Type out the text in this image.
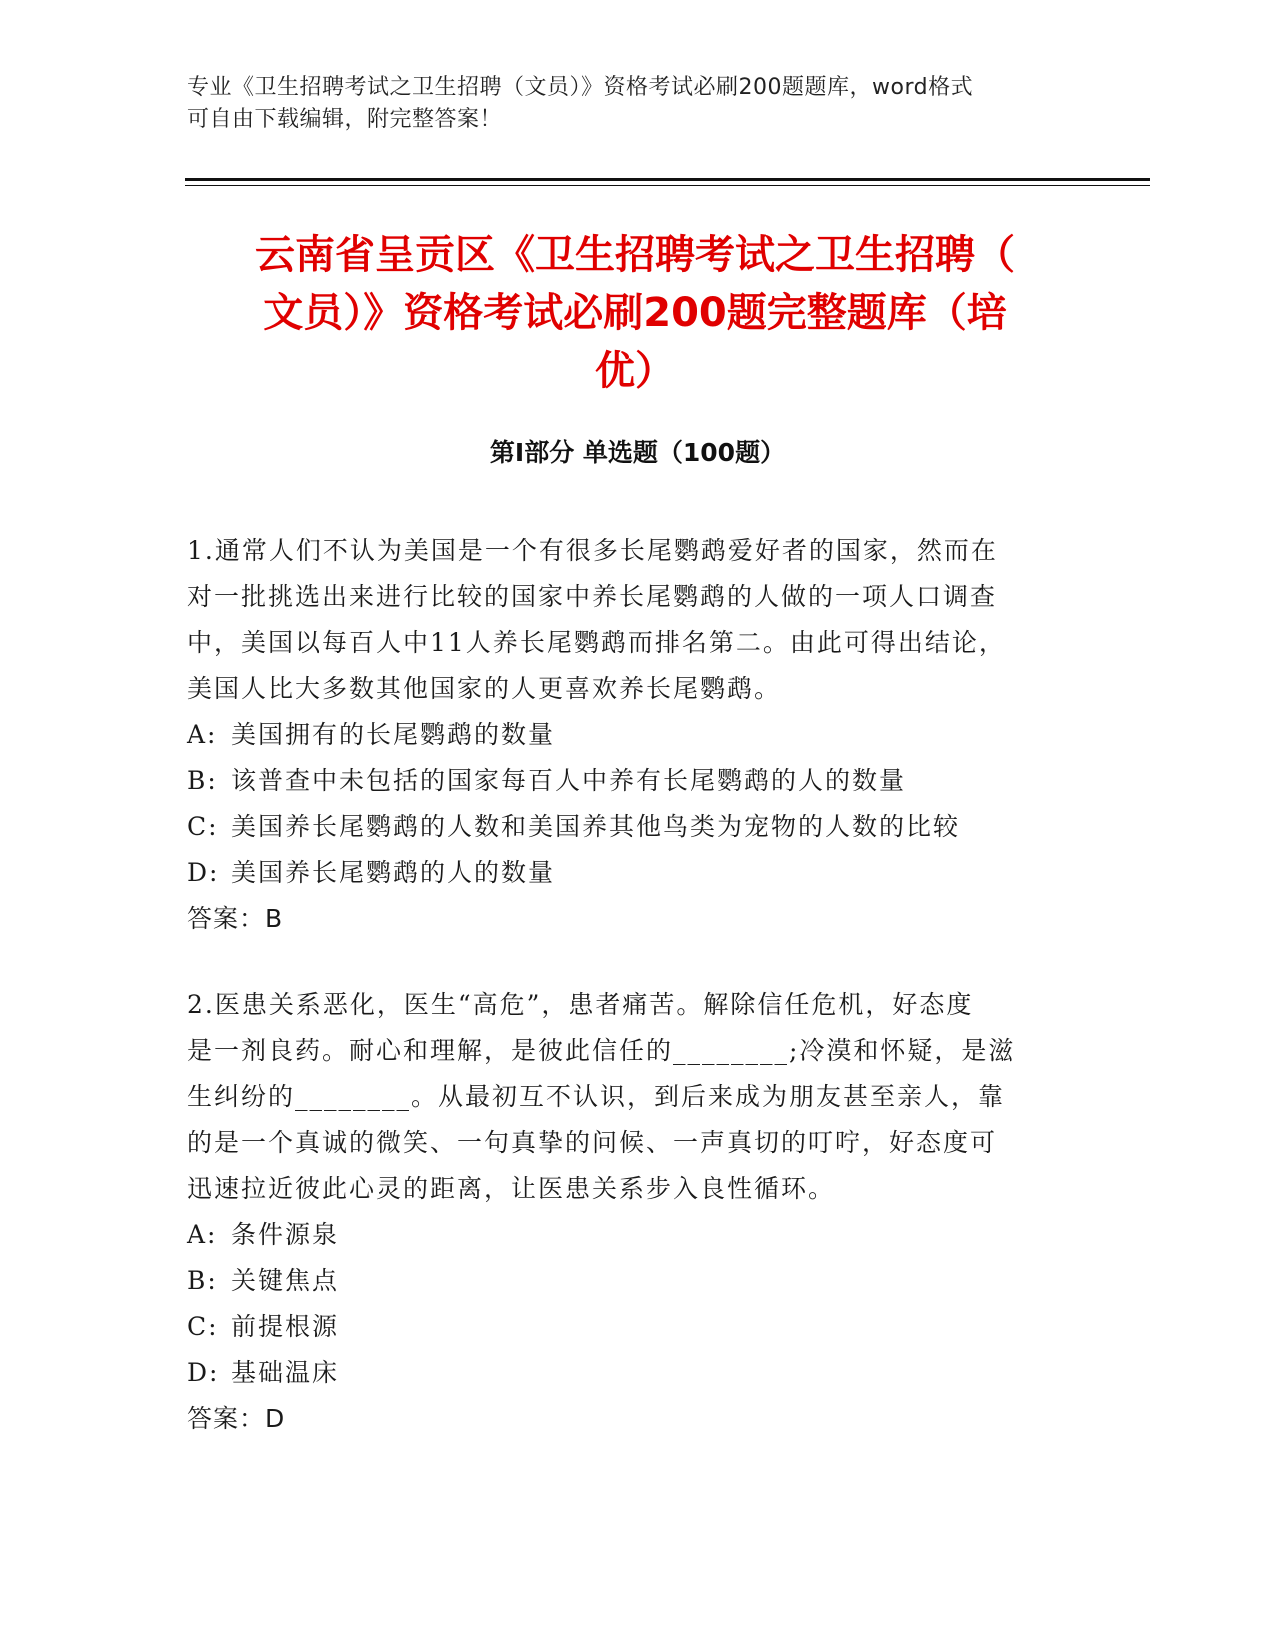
专业《卫生招聘考试之卫生招聘（文员）》资格考试必刷200题题库，word格式
可自由下载编辑，附完整答案！
云南省呈贡区《卫生招聘考试之卫生招聘（
文员）》资格考试必刷200题完整题库（培
优）
第Ⅰ部分 单选题（100题）
1.通常人们不认为美国是一个有很多长尾鹦鹉爱好者的国家，然而在
对一批挑选出来进行比较的国家中养长尾鹦鹉的人做的一项人口调查
中，美国以每百人中11人养长尾鹦鹉而排名第二。由此可得出结论，
美国人比大多数其他国家的人更喜欢养长尾鹦鹉。
A: 美国拥有的长尾鹦鹉的数量
B: 该普查中未包括的国家每百人中养有长尾鹦鹉的人的数量
C: 美国养长尾鹦鹉的人数和美国养其他鸟类为宠物的人数的比较
D: 美国养长尾鹦鹉的人的数量
答案：B
2.医患关系恶化，医生“高危”，患者痛苦。解除信任危机，好态度
是一剂良药。耐心和理解，是彼此信任的________;冷漠和怀疑，是滋
生纠纷的________。从最初互不认识，到后来成为朋友甚至亲人，靠
的是一个真诚的微笑、一句真挚的问候、一声真切的叮咛，好态度可
迅速拉近彼此心灵的距离，让医患关系步入良性循环。
A: 条件源泉
B: 关键焦点
C: 前提根源
D: 基础温床
答案：D
